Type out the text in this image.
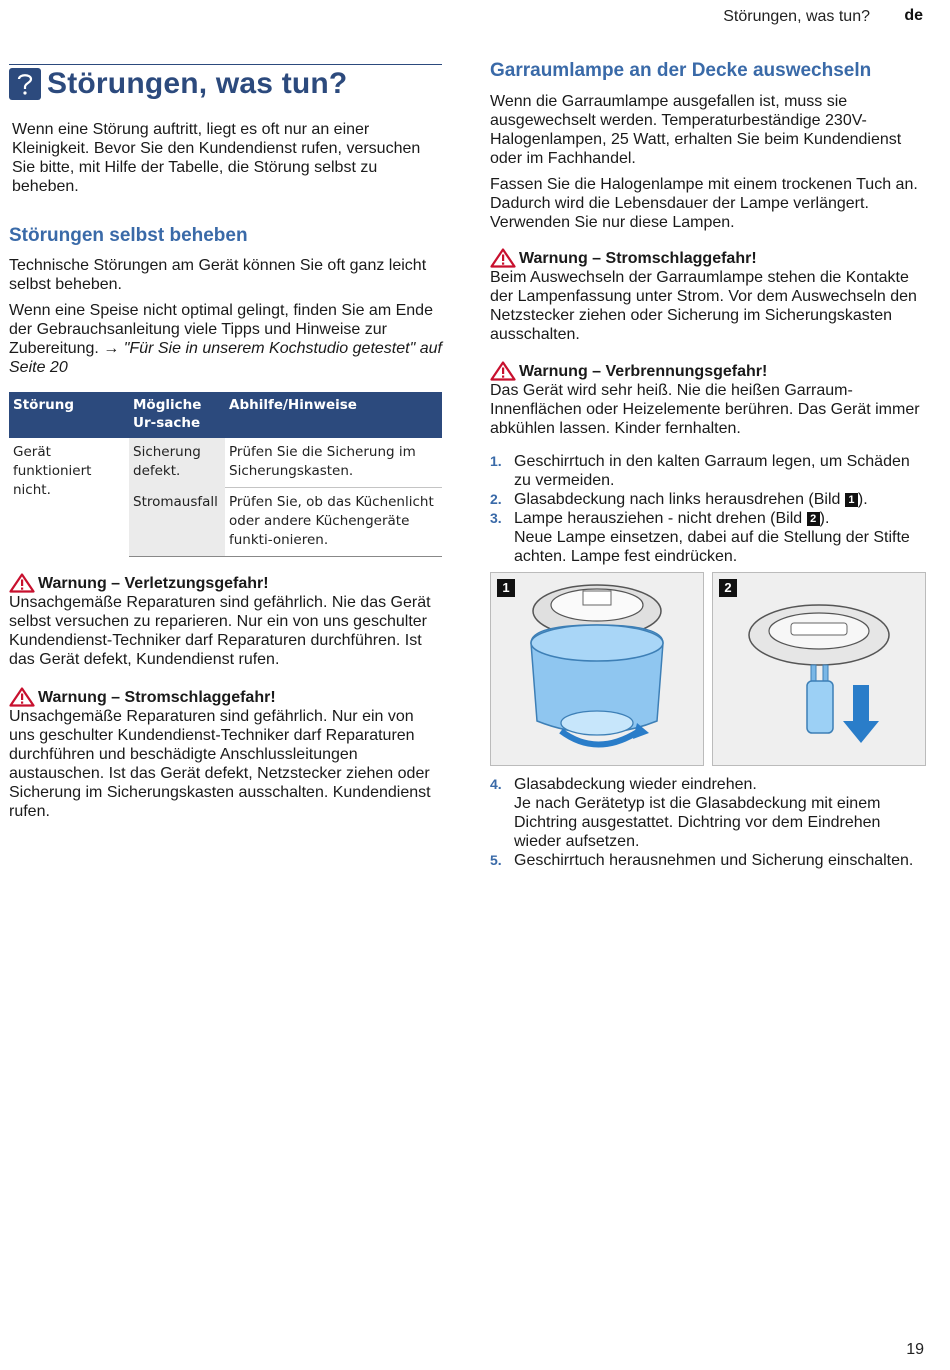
Störungen, was tun? de
Störungen, was tun?

Wenn eine Störung auftritt, liegt es oft nur an einer Kleinigkeit. Bevor Sie den Kundendienst rufen, versuchen Sie bitte, mit Hilfe der Tabelle, die Störung selbst zu beheben.

Störungen selbst beheben

Technische Störungen am Gerät können Sie oft ganz leicht selbst beheben.

Wenn eine Speise nicht optimal gelingt, finden Sie am Ende der Gebrauchsanleitung viele Tipps und Hinweise zur Zubereitung. → "Für Sie in unserem Kochstudio getestet" auf Seite 20

Störung	Mögliche Ur-sache	Abhilfe/Hinweise
Gerät funktioniert nicht.	Sicherung defekt.	Prüfen Sie die Sicherung im Sicherungskasten.
	Stromausfall	Prüfen Sie, ob das Küchenlicht oder andere Küchengeräte funkti-onieren.
Warnung – Verletzungsgefahr!

Unsachgemäße Reparaturen sind gefährlich. Nie das Gerät selbst versuchen zu reparieren. Nur ein von uns geschulter Kundendienst-Techniker darf Reparaturen durchführen. Ist das Gerät defekt, Kundendienst rufen.

Warnung – Stromschlaggefahr!

Unsachgemäße Reparaturen sind gefährlich. Nur ein von uns geschulter Kundendienst-Techniker darf Reparaturen durchführen und beschädigte Anschlussleitungen austauschen. Ist das Gerät defekt, Netzstecker ziehen oder Sicherung im Sicherungskasten ausschalten. Kundendienst rufen.

Garraumlampe an der Decke auswechseln

Wenn die Garraumlampe ausgefallen ist, muss sie ausgewechselt werden. Temperaturbeständige 230V-Halogenlampen, 25 Watt, erhalten Sie beim Kundendienst oder im Fachhandel.

Fassen Sie die Halogenlampe mit einem trockenen Tuch an. Dadurch wird die Lebensdauer der Lampe verlängert. Verwenden Sie nur diese Lampen.

Warnung – Stromschlaggefahr!

Beim Auswechseln der Garraumlampe stehen die Kontakte der Lampenfassung unter Strom. Vor dem Auswechseln den Netzstecker ziehen oder Sicherung im Sicherungskasten ausschalten.

Warnung – Verbrennungsgefahr!

Das Gerät wird sehr heiß. Nie die heißen Garraum-Innenflächen oder Heizelemente berühren. Das Gerät immer abkühlen lassen. Kinder fernhalten.

1. Geschirrtuch in den kalten Garraum legen, um Schäden zu vermeiden.
2. Glasabdeckung nach links herausdrehen (Bild 1 ).
3. Lampe herausziehen - nicht drehen (Bild 2 ).
Neue Lampe einsetzen, dabei auf die Stellung der Stifte achten. Lampe fest eindrücken.
1	2
4. Glasabdeckung wieder eindrehen.
Je nach Gerätetyp ist die Glasabdeckung mit einem Dichtring ausgestattet. Dichtring vor dem Eindrehen wieder aufsetzen.
5. Geschirrtuch herausnehmen und Sicherung einschalten.
19
